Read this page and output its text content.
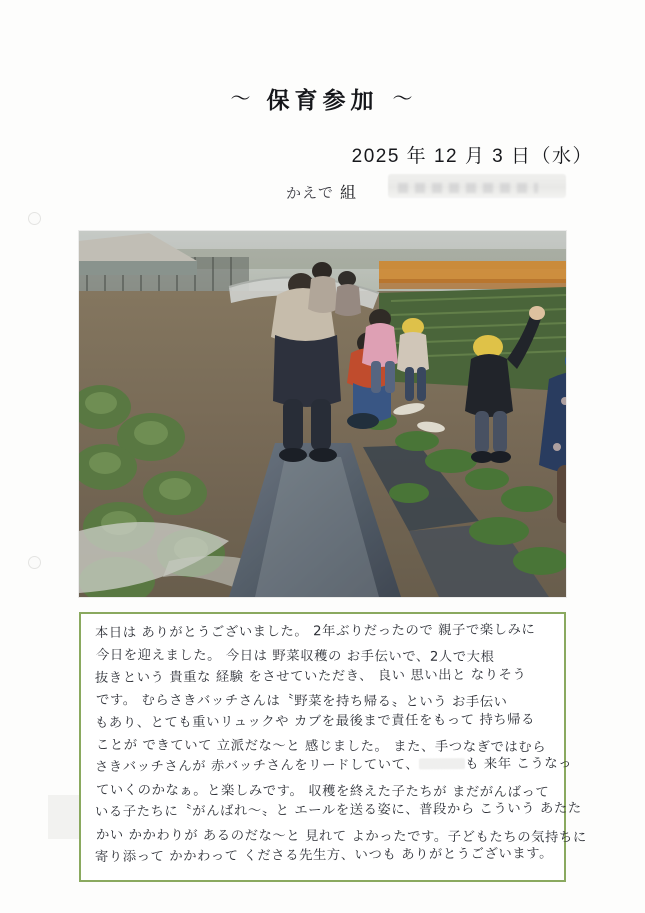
〜 保育参加 〜
2025 年 12 月 3 日（水）
かえで 組
本日は ありがとうございました。 2年ぶりだったので 親子で楽しみに
今日を迎えました。 今日は 野菜収穫の お手伝いで、2人で大根
抜きという 貴重な 経験 をさせていただき、 良い 思い出と なりそう
です。 むらさきバッチさんは〝野菜を持ち帰る〟という お手伝い
もあり、とても重いリュックや カブを最後まで責任をもって 持ち帰る
ことが できていて 立派だな〜と 感じました。 また、手つなぎではむら
さきバッチさんが 赤バッチさんをリードしていて、	も 来年 こうなっ
ていくのかなぁ。と楽しみです。 収穫を終えた子たちが まだがんばって
いる子たちに〝がんばれ〜〟と エールを送る姿に、普段から こういう あたた
かい かかわりが あるのだな〜と 見れて よかったです。子どもたちの気持ちに
寄り添って かかわって くださる先生方、いつも ありがとうございます。
